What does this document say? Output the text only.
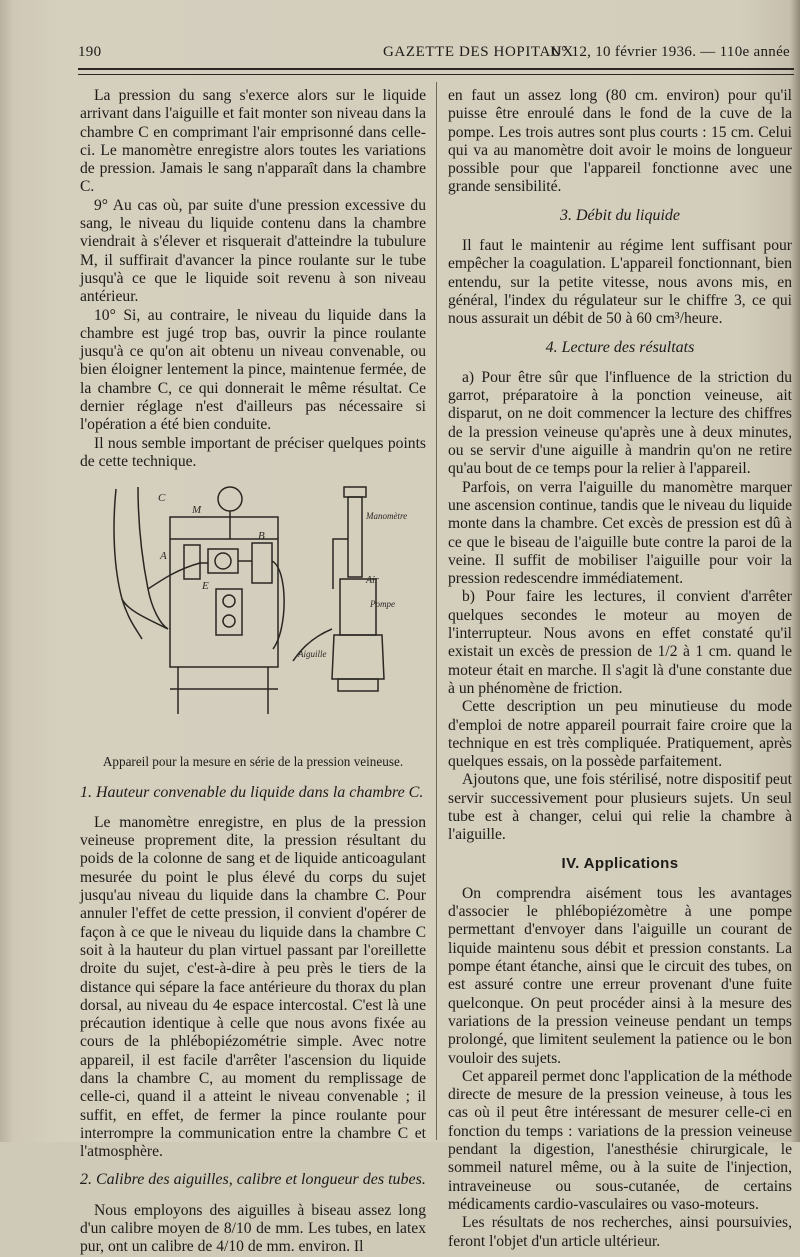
190	GAZETTE DES HOPITAUX
N° 12, 10 février 1936. — 110e année

La pression du sang s'exerce alors sur le liquide arrivant dans l'aiguille et fait monter son niveau dans la chambre C en comprimant l'air emprisonné dans celle-ci. Le manomètre enregistre alors toutes les variations de pression. Jamais le sang n'apparaît dans la chambre C.

9° Au cas où, par suite d'une pression excessive du sang, le niveau du liquide contenu dans la chambre viendrait à s'élever et risquerait d'atteindre la tubulure M, il suffirait d'avancer la pince roulante sur le tube jusqu'à ce que le liquide soit revenu à son niveau antérieur.

10° Si, au contraire, le niveau du liquide dans la chambre est jugé trop bas, ouvrir la pince roulante jusqu'à ce qu'on ait obtenu un niveau convenable, ou bien éloigner lentement la pince, maintenue fermée, de la chambre C, ce qui donnerait le même résultat. Ce dernier réglage n'est d'ailleurs pas nécessaire si l'opération a été bien conduite.

Il nous semble important de préciser quelques points de cette technique.

C
M
A
E
B
Manomètre
Air
Pompe
Aiguille
Appareil pour la mesure en série de la pression veineuse.
1. Hauteur convenable du liquide dans la chambre C.

Le manomètre enregistre, en plus de la pression veineuse proprement dite, la pression résultant du poids de la colonne de sang et de liquide anticoagulant mesurée du point le plus élevé du corps du sujet jusqu'au niveau du liquide dans la chambre C. Pour annuler l'effet de cette pression, il convient d'opérer de façon à ce que le niveau du liquide dans la chambre C soit à la hauteur du plan virtuel passant par l'oreillette droite du sujet, c'est-à-dire à peu près le tiers de la distance qui sépare la face antérieure du thorax du plan dorsal, au niveau du 4e espace intercostal. C'est là une précaution identique à celle que nous avons fixée au cours de la phlébopiézométrie simple. Avec notre appareil, il est facile d'arrêter l'ascension du liquide dans la chambre C, au moment du remplissage de celle-ci, quand il a atteint le niveau convenable ; il suffit, en effet, de fermer la pince roulante pour interrompre la communication entre la chambre C et l'atmosphère.

2. Calibre des aiguilles, calibre et longueur des tubes.

Nous employons des aiguilles à biseau assez long d'un calibre moyen de 8/10 de mm. Les tubes, en latex pur, ont un calibre de 4/10 de mm. environ. Il

en faut un assez long (80 cm. environ) pour qu'il puisse être enroulé dans le fond de la cuve de la pompe. Les trois autres sont plus courts : 15 cm. Celui qui va au manomètre doit avoir le moins de longueur possible pour que l'appareil fonctionne avec une grande sensibilité.

3. Débit du liquide

Il faut le maintenir au régime lent suffisant pour empêcher la coagulation. L'appareil fonctionnant, bien entendu, sur la petite vitesse, nous avons mis, en général, l'index du régulateur sur le chiffre 3, ce qui nous assurait un débit de 50 à 60 cm³/heure.

4. Lecture des résultats

a) Pour être sûr que l'influence de la striction du garrot, préparatoire à la ponction veineuse, ait disparut, on ne doit commencer la lecture des chiffres de la pression veineuse qu'après une à deux minutes, ou se servir d'une aiguille à mandrin qu'on ne retire qu'au bout de ce temps pour la relier à l'appareil.

Parfois, on verra l'aiguille du manomètre marquer une ascension continue, tandis que le niveau du liquide monte dans la chambre. Cet excès de pression est dû à ce que le biseau de l'aiguille bute contre la paroi de la veine. Il suffit de mobiliser l'aiguille pour voir la pression redescendre immédiatement.

b) Pour faire les lectures, il convient d'arrêter quelques secondes le moteur au moyen de l'interrupteur. Nous avons en effet constaté qu'il existait un excès de pression de 1/2 à 1 cm. quand le moteur était en marche. Il s'agit là d'une constante due à un phénomène de friction.

Cette description un peu minutieuse du mode d'emploi de notre appareil pourrait faire croire que la technique en est très compliquée. Pratiquement, après quelques essais, on la possède parfaitement.

Ajoutons que, une fois stérilisé, notre dispositif peut servir successivement pour plusieurs sujets. Un seul tube est à changer, celui qui relie la chambre à l'aiguille.

IV. Applications

On comprendra aisément tous les avantages d'associer le phlébopiézomètre à une pompe permettant d'envoyer dans l'aiguille un courant de liquide maintenu sous débit et pression constants. La pompe étant étanche, ainsi que le circuit des tubes, on est assuré contre une erreur provenant d'une fuite quelconque. On peut procéder ainsi à la mesure des variations de la pression veineuse pendant un temps prolongé, que limitent seulement la patience ou le bon vouloir des sujets.

Cet appareil permet donc l'application de la méthode directe de mesure de la pression veineuse, à tous les cas où il peut être intéressant de mesurer celle-ci en fonction du temps : variations de la pression veineuse pendant la digestion, l'anesthésie chirurgicale, le sommeil naturel même, ou à la suite de l'injection, intraveineuse ou sous-cutanée, de certains médicaments cardio-vasculaires ou vaso-moteurs.

Les résultats de nos recherches, ainsi poursuivies, feront l'objet d'un article ultérieur.
